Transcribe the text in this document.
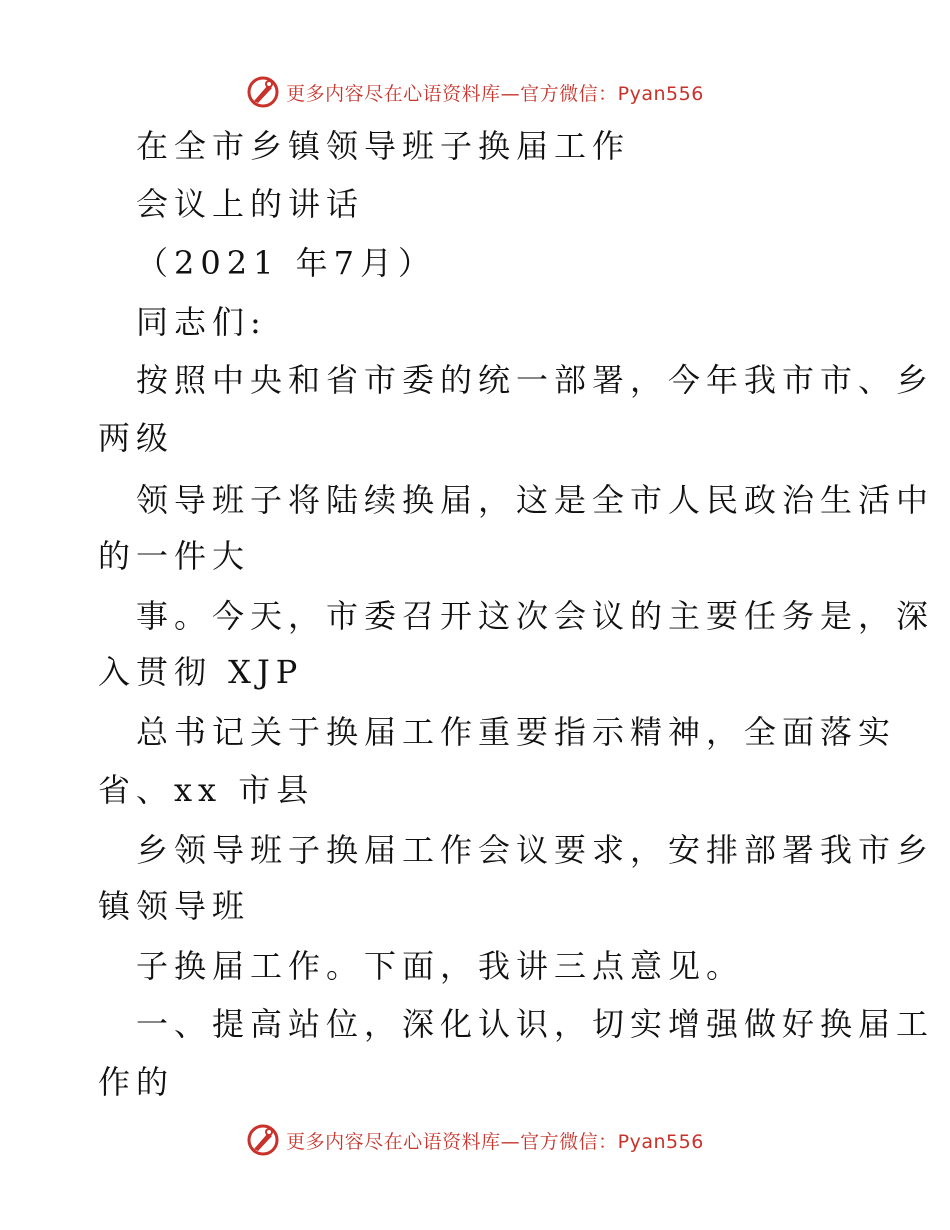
更多内容尽在心语资料库— 官方微信：Pyan556
在全市乡镇领导班子换届工作
会议上的讲话
（2021 年7月）
同志们:
按照中央和省市委的统一部署，今年我市市、乡
两级
领导班子将陆续换届，这是全市人民政治生活中
的一件大
事。今天，市委召开这次会议的主要任务是，深
入贯彻 XJP
总书记关于换届工作重要指示精神，全面落实
省、xx 市县
乡领导班子换届工作会议要求，安排部署我市乡
镇领导班
子换届工作。下面，我讲三点意见。
一、提高站位，深化认识，切实增强做好换届工
作的
更多内容尽在心语资料库— 官方微信：Pyan556
